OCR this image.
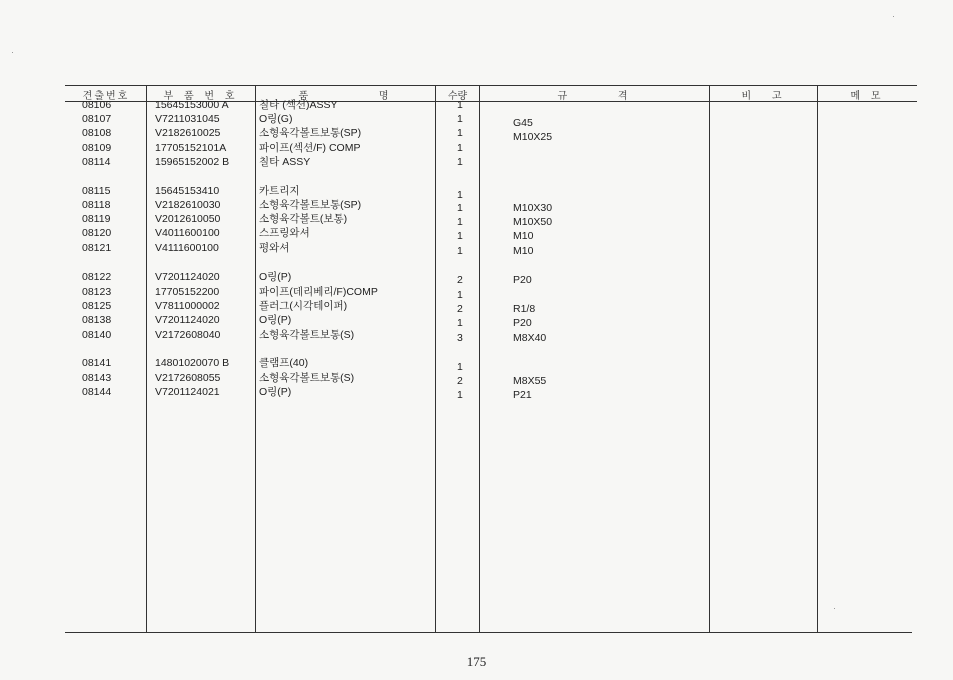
견출번호	부 품 번 호	품 명	수량	규 격	비 고	메 모
08106	15645153000 A	칠타 (섹션)ASSY	1
08107	V7211031045	O링(G)	1	G45
08108	V2182610025	소형육각볼트보통(SP)	1	M10X25
08109	17705152101A	파이프(섹션/F) COMP	1
08114	15965152002 B	칠타 ASSY	1
08115	15645153410	카트리지	1
08118	V2182610030	소형육각볼트보통(SP)	1	M10X30
08119	V2012610050	소형육각볼트(보통)	1	M10X50
08120	V4011600100	스프링와셔	1	M10
08121	V4111600100	평와셔	1	M10
08122	V7201124020	O링(P)	2	P20
08123	17705152200	파이프(데리베리/F)COMP	1
08125	V7811000002	플러그(시각테이퍼)	2	R1/8
08138	V7201124020	O링(P)	1	P20
08140	V2172608040	소형육각볼트보통(S)	3	M8X40
08141	14801020070 B	클램프(40)	1
08143	V2172608055	소형육각볼트보통(S)	2	M8X55
08144	V7201124021	O링(P)	1	P21
175
